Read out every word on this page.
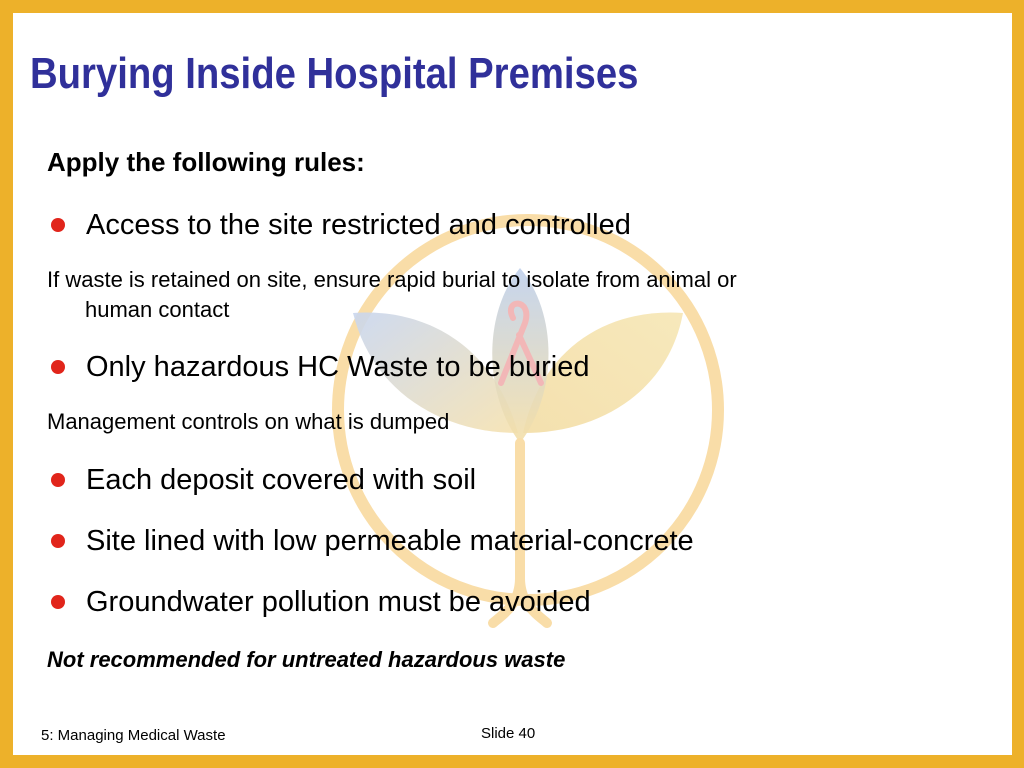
Burying Inside Hospital Premises

Apply the following rules:

Access to the site restricted and controlled
If waste is retained on site, ensure rapid burial to isolate from animal or
human contact
Only hazardous HC Waste to be buried

Management controls on what is dumped

Each deposit covered with soil
Site lined with low permeable material-concrete
Groundwater pollution must be avoided

Not recommended for untreated hazardous waste

5: Managing Medical Waste	Slide 40
